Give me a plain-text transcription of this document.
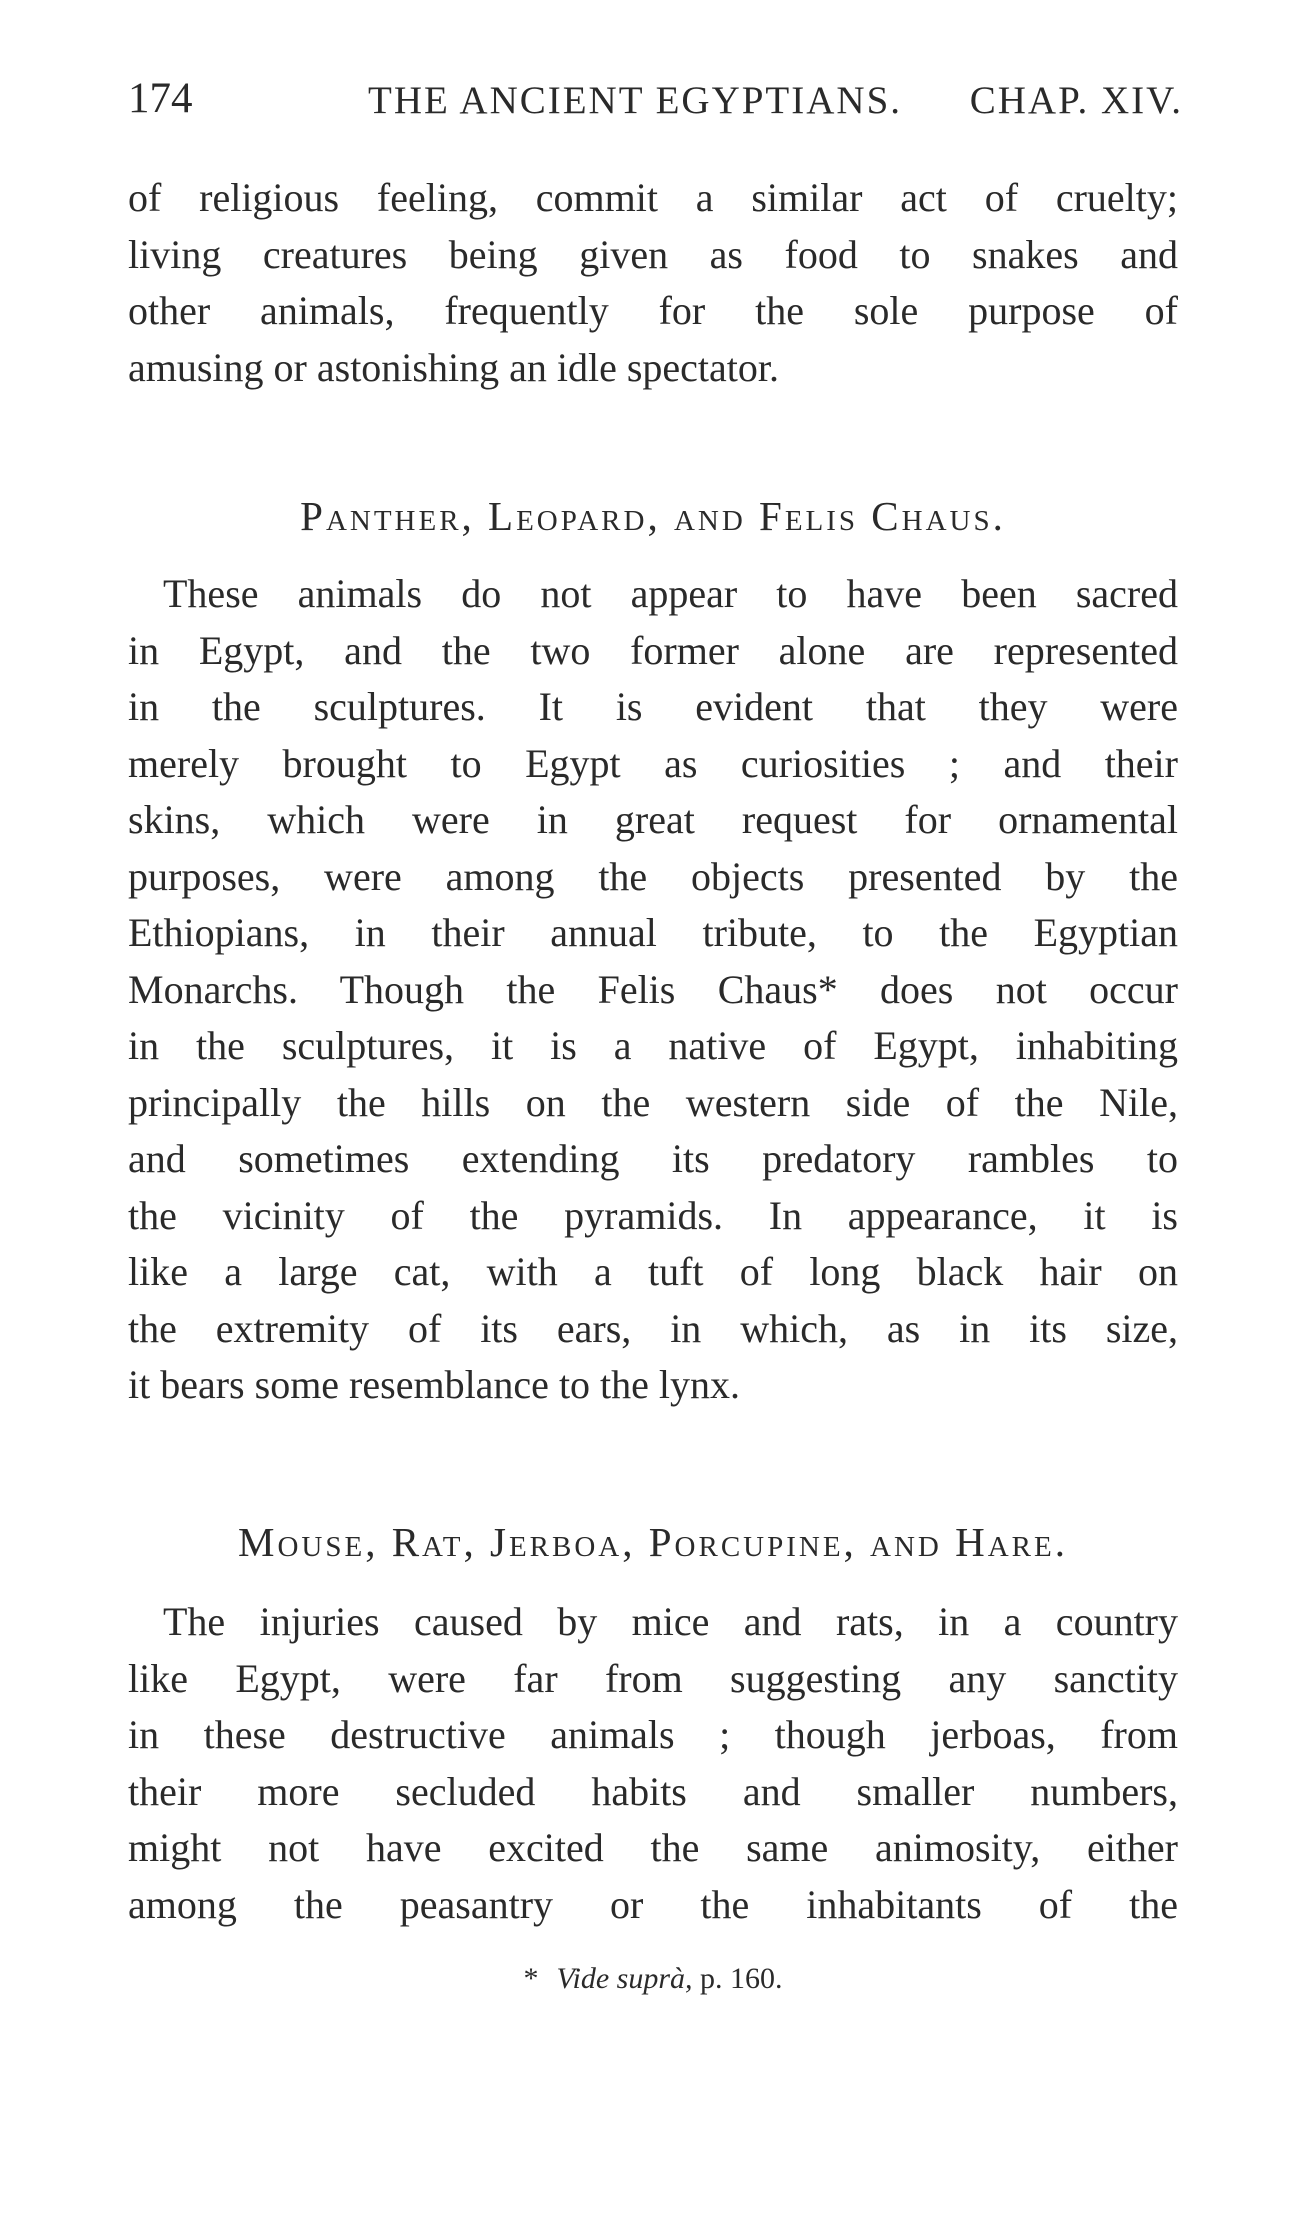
174	THE ANCIENT EGYPTIANS. CHAP. XIV.
of religious feeling, commit a similar act of cruelty;
living creatures being given as food to snakes and
other animals, frequently for the sole purpose of
amusing or astonishing an idle spectator.
Panther, Leopard, and Felis Chaus.
These animals do not appear to have been sacred
in Egypt, and the two former alone are represented
in the sculptures. It is evident that they were
merely brought to Egypt as curiosities ; and their
skins, which were in great request for ornamental
purposes, were among the objects presented by the
Ethiopians, in their annual tribute, to the Egyptian
Monarchs. Though the Felis Chaus* does not occur
in the sculptures, it is a native of Egypt, inhabiting
principally the hills on the western side of the Nile,
and sometimes extending its predatory rambles to
the vicinity of the pyramids. In appearance, it is
like a large cat, with a tuft of long black hair on
the extremity of its ears, in which, as in its size,
it bears some resemblance to the lynx.
Mouse, Rat, Jerboa, Porcupine, and Hare.
The injuries caused by mice and rats, in a country
like Egypt, were far from suggesting any sanctity
in these destructive animals ; though jerboas, from
their more secluded habits and smaller numbers,
might not have excited the same animosity, either
among the peasantry or the inhabitants of the
* Vide suprà, p. 160.
